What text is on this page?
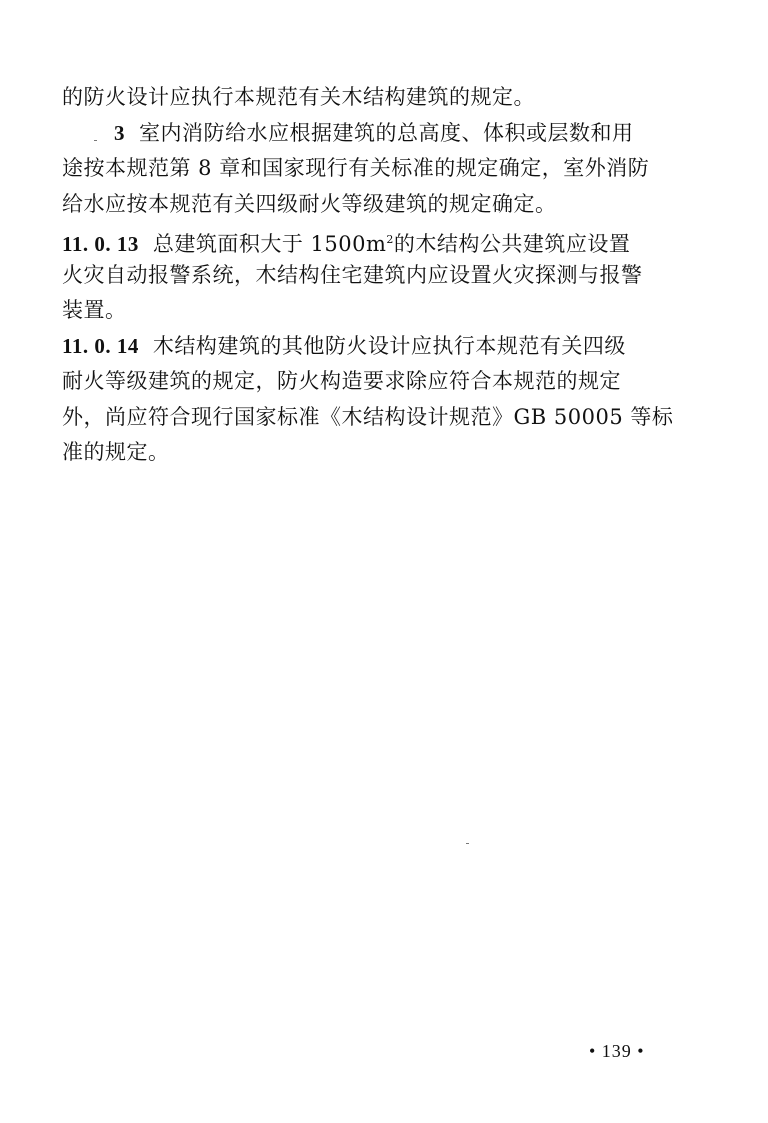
的防火设计应执行本规范有关木结构建筑的规定。
3 室内消防给水应根据建筑的总高度、体积或层数和用
途按本规范第 8 章和国家现行有关标准的规定确定，室外消防
给水应按本规范有关四级耐火等级建筑的规定确定。
11. 0. 13 总建筑面积大于 $1500m^2$的木结构公共建筑应设置
火灾自动报警系统，木结构住宅建筑内应设置火灾探测与报警
装置。
11. 0. 14 木结构建筑的其他防火设计应执行本规范有关四级
耐火等级建筑的规定，防火构造要求除应符合本规范的规定
外，尚应符合现行国家标准《木结构设计规范》GB 50005 等标
准的规定。
• 139 •
